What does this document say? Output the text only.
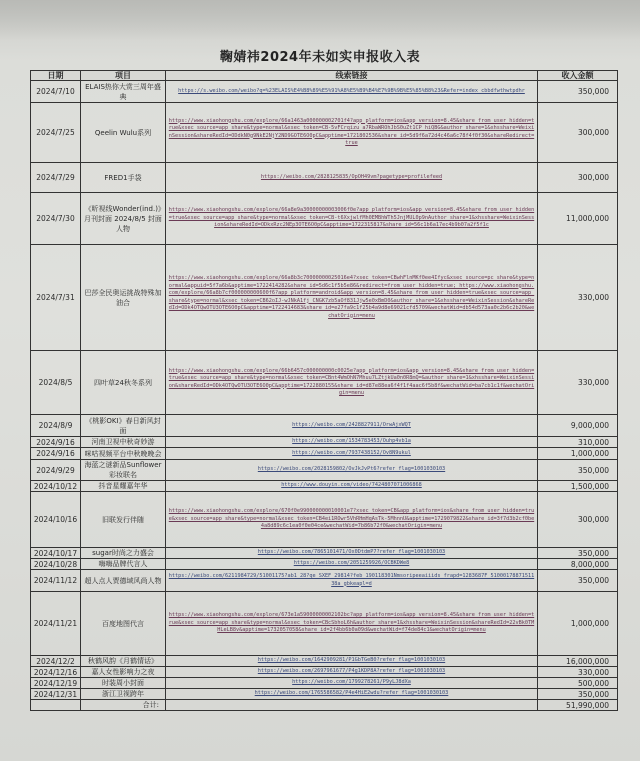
鞠婧祎2024年未如实申报收入表
日期	项目	线索链接	收入金额
2024/7/10	ELAIS热你大赏三周年盛典	https://s.weibo.com/weibo?q=%23ELAIS%E4%B8%89%E5%91%A8%E5%B9%B4%E7%9B%9B%E5%85%B8%23&Refer=index_cbbdfwthwtpdhr	350,000
2024/7/25	Qeelin Wulu系列	https://www.xiaohongshu.com/explore/66a1463a000000002701f4?app_platform=ios&app_version=8.45&share_from_user_hidden=true&xsec_source=app_share&type=normal&xsec_token=CB-5vFCrqizu_a7RbaWROhJbS0uZt1CP_hiQBG&author_share=1&xhsshare=WeixinSession&shareRedId=ODdkN0g9NkE2NjY2ND9GOTE6O0pC&apptime=1721802536&share_id=5d9f6a72d4c46a6c78f4f0f30&shareRedirect=true	300,000
2024/7/29	FRED1手袋	https://weibo.com/2828125835/OpOH49vm?pagetype=profilefeed	300,000
2024/7/30	《昕视线Wonder(ind.)》月刊封面 2024/8/5 封面人物	https://www.xiaohongshu.com/explore/66a8e9a30000000003006f0e?app_platform=ios&app_version=8.45&share_from_user_hidden=true&xsec_source=app_share&type=normal&xsec_token=CB-t6XxjwlfMh0EMBhWTh5JnjMUL0p9nAuthor_share=1&xhsshare=WeixinSession&shareRedId=ODkxRzc2NEp3OTE6O0pC&apptime=1722315817&share_id=56c1b6a17ec4b9b07a2f5f1c	11,000,000
2024/7/31	巴莎全民奥运挑战特殊加油合	https://www.xiaohongshu.com/explore/66a8b3c70000000025016e4?xsec_token=CBwhFlnMKf0ee4Ifyc&xsec_source=pc_share&type=normal&appuid=5f7a6b&apptime=1722414282&share_id=5d6c1f5b5e86&redirect=from_user_hidden=true; https://www.xiaohongshu.com/explore/66a8b7cf000000000600f6?app_platform=android&app_version=8.45&share_from_user_hidden=true&xsec_source=app_share&type=normal&xsec_token=CB62oIJ-wJNkA1fj_CNGK7zb5aOf831Jjw5e0xBmD0&author_share=1&xhsshare=WeixinSession&shareRedId=ODk4OTQwOTU3OTE6O0pC&apptime=1722414683&share_id=e27fa9c1f25b4a9d8e69021cfd5709&wechatWid=db54d573aa0c2b6c2b20&wechatOrigin=menu	330,000
2024/8/5	四叶草24秋冬系列	https://www.xiaohongshu.com/explore/66b6457c000000000c0025e?app_platform=ios&app_version=8.45&share_from_user_hidden=true&xsec_source=app_share&type=normal&xsec_token=CBnt4WmOhN7Mhuu7LZtjkUa0n0R8mQ=&author_share=1&xhsshare=WeixinSession&shareRedId=ODk4OTQwOTU3OTE6O0pC&apptime=1722880155&share_id=d87e88ea6f4f1f4aac6f5b8f&wechatWid=ba7cb1c1f&wechatOrigin=menu	330,000
2024/8/9	《桃影OKI》春日新风封面	https://weibo.com/2428827911/OrwAjxWQT	9,000,000
2024/9/16	河南卫视中秋奇妙游	https://weibo.com/1534783453/Ouhp4vb1a	310,000
2024/9/16	咪咕视频平台中秋晚晚会	https://weibo.com/7937438152/Ov8N9ukul	1,000,000
2024/9/29	海蓝之谜新品Sunflower彩妆联名	https://weibo.com/2028159802/OvJkJvPt6?refer_flag=1001030103	350,000
2024/10/12	抖音星耀嘉年华	https://www.douyin.com/video/7424807071006868	1,500,000
2024/10/16	旧联发行伴随	https://www.xiaohongshu.com/explore/670f0e990000000010001e7?xsec_token=CB&app_platform=ios&share_from_user_hidden=true&xsec_source=app_share&type=normal&xsec_token=CB4ei1ROwr5VhRHmHqAsTk-5MhnnU&apptime=1729079822&share_id=3f7d3b2cf0be4a8d89c6c1ea0f0e04ce&wechatWid=7b86b72f0&wechatOrigin=menu	300,000
2024/10/17	sugar时尚之力盛会	https://weibo.com/7865101471/Ox0DtdmP7?refer_flag=1001030103	350,000
2024/10/28	嗨嗨品牌代言人	https://weibo.com/2051259926/OCBKDWe8	8,000,000
2024/11/12	超人点人贾德域风尚人物	https://weibo.com/6211984729/51001175?ab1_28?qe_SXEF_29814?feb_190118301Nmsoripeeaiiids_frapd=1283687F_5100017887151138a_gbkeapl=d	350,000
2024/11/21	百度地图代言	https://www.xiaohongshu.com/explore/673e1a59000000002102bc?app_platform=ios&app_version=8.45&share_from_user_hidden=true&xsec_source=app_share&type=normal&xsec_token=CBcSbhoL6h&author_share=1&xhsshare=WeixinSession&shareRedId=22vBk0TMHLeLB8v&apptime=1732057058&share_id=2f4bb6b0a09d&wechatWid=f74de84c1&wechatOrigin=menu	1,000,000
2024/12/2	秋鹤风韵《月鹤情话》	https://weibo.com/1642909281/P1GbTGeB0?refer_flag=1001030103	16,000,000
2024/12/16	嘉人女性影响力之夜	https://weibo.com/2697961677/P4g1KDP8A?refer_flag=1001030103	330,000
2024/12/19	时装周小封面	https://weibo.com/1799278261/P9yLJ8dXa	500,000
2024/12/31	浙江卫视跨年	https://weibo.com/1765586582/P4e4HiE2wdu?refer_flag=1001030103	350,000
	合计:		51,990,000
